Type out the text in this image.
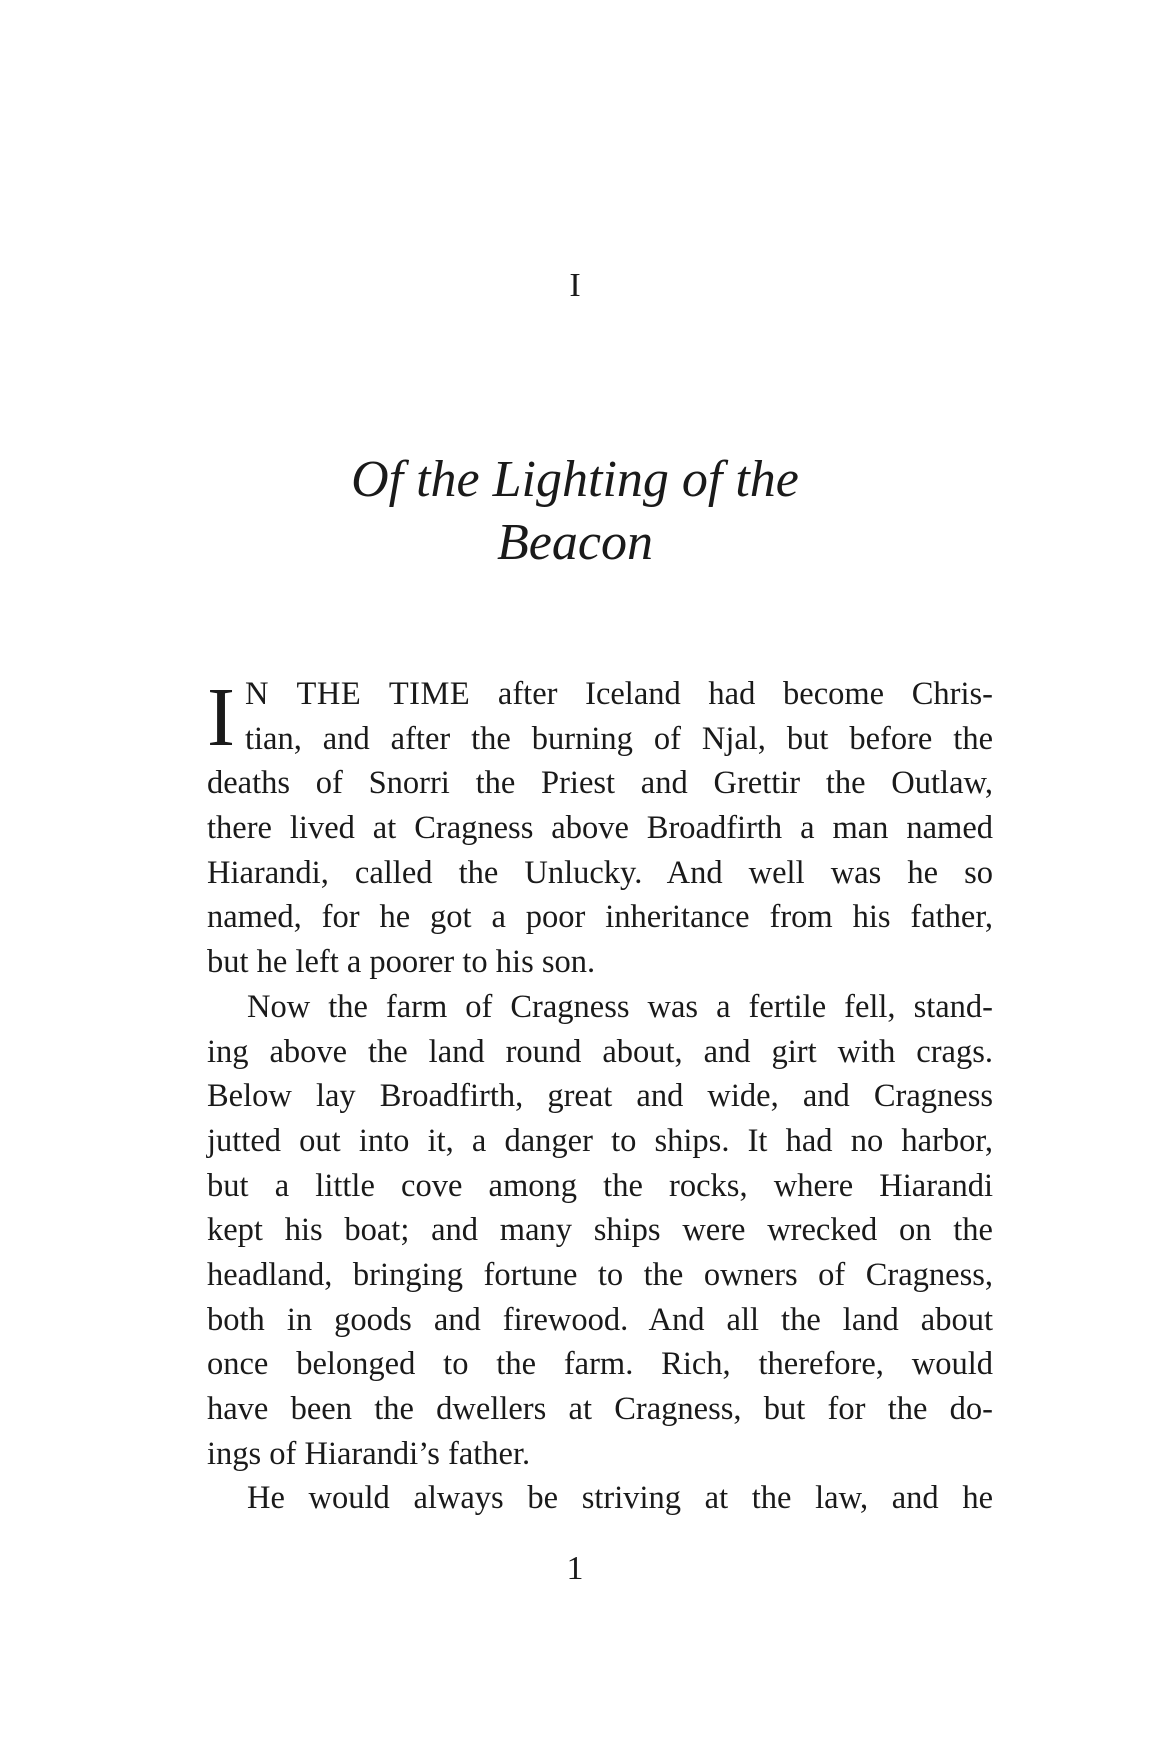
I
Of the Lighting of the
Beacon
I N THE TIME after Iceland had become Chris-
tian, and after the burning of Njal, but before the
deaths of Snorri the Priest and Grettir the Outlaw,
there lived at Cragness above Broadfirth a man named
Hiarandi, called the Unlucky. And well was he so
named, for he got a poor inheritance from his father,
but he left a poorer to his son.
Now the farm of Cragness was a fertile fell, stand-
ing above the land round about, and girt with crags.
Below lay Broadfirth, great and wide, and Cragness
jutted out into it, a danger to ships. It had no harbor,
but a little cove among the rocks, where Hiarandi
kept his boat; and many ships were wrecked on the
headland, bringing fortune to the owners of Cragness,
both in goods and firewood. And all the land about
once belonged to the farm. Rich, therefore, would
have been the dwellers at Cragness, but for the do-
ings of Hiarandi’s father.
He would always be striving at the law, and he
1
